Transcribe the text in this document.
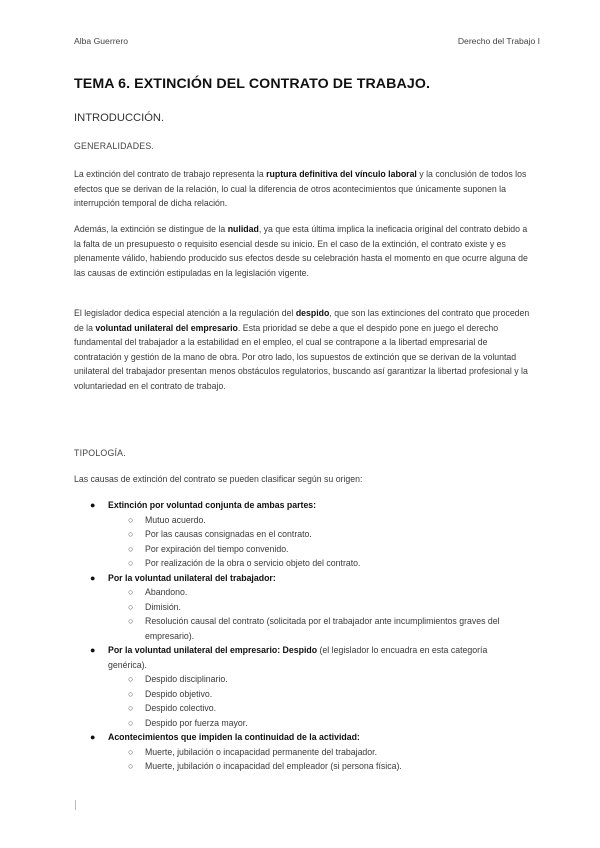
Alba Guerrero	Derecho del Trabajo I
TEMA 6. EXTINCIÓN DEL CONTRATO DE TRABAJO.
INTRODUCCIÓN.
GENERALIDADES.

La extinción del contrato de trabajo representa la ruptura definitiva del vínculo laboral y la conclusión de todos los efectos que se derivan de la relación, lo cual la diferencia de otros acontecimientos que únicamente suponen la interrupción temporal de dicha relación.

Además, la extinción se distingue de la nulidad, ya que esta última implica la ineficacia original del contrato debido a la falta de un presupuesto o requisito esencial desde su inicio. En el caso de la extinción, el contrato existe y es plenamente válido, habiendo producido sus efectos desde su celebración hasta el momento en que ocurre alguna de las causas de extinción estipuladas en la legislación vigente.

El legislador dedica especial atención a la regulación del despido, que son las extinciones del contrato que proceden de la voluntad unilateral del empresario. Esta prioridad se debe a que el despido pone en juego el derecho fundamental del trabajador a la estabilidad en el empleo, el cual se contrapone a la libertad empresarial de contratación y gestión de la mano de obra. Por otro lado, los supuestos de extinción que se derivan de la voluntad unilateral del trabajador presentan menos obstáculos regulatorios, buscando así garantizar la libertad profesional y la voluntariedad en el contrato de trabajo.

TIPOLOGÍA.

Las causas de extinción del contrato se pueden clasificar según su origen:

● Extinción por voluntad conjunta de ambas partes:
○ Mutuo acuerdo.
○ Por las causas consignadas en el contrato.
○ Por expiración del tiempo convenido.
○ Por realización de la obra o servicio objeto del contrato.
● Por la voluntad unilateral del trabajador:
○ Abandono.
○ Dimisión.
○ Resolución causal del contrato (solicitada por el trabajador ante incumplimientos graves del empresario).
● Por la voluntad unilateral del empresario: Despido (el legislador lo encuadra en esta categoría genérica).
○ Despido disciplinario.
○ Despido objetivo.
○ Despido colectivo.
○ Despido por fuerza mayor.
● Acontecimientos que impiden la continuidad de la actividad:
○ Muerte, jubilación o incapacidad permanente del trabajador.
○ Muerte, jubilación o incapacidad del empleador (si persona física).
